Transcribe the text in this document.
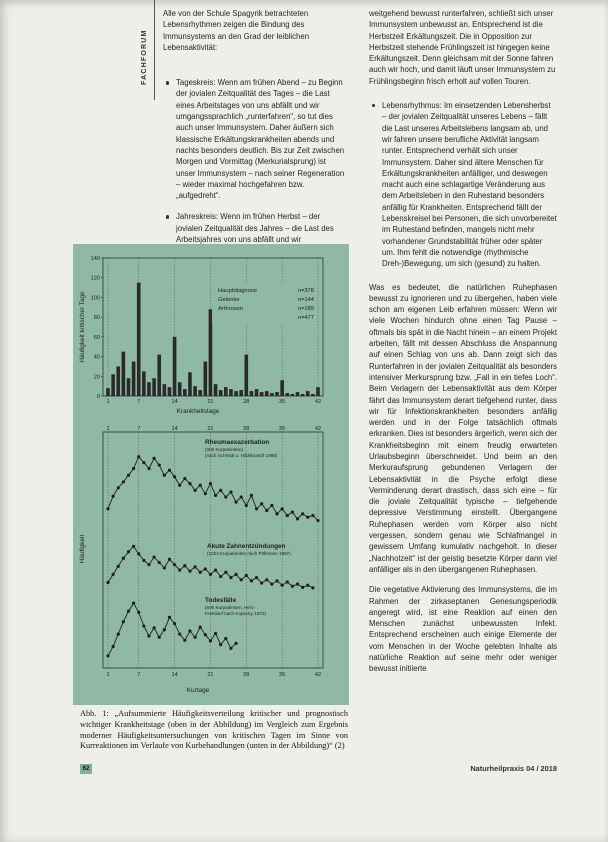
FACHFORUM

Alle von der Schule Spagyrik betrachteten Lebensrhythmen zeigen die Bindung des Immunsystems an den Grad der leiblichen Lebensaktivität:

Tageskreis: Wenn am frühen Abend – zu Beginn der jovialen Zeitqualität des Tages – die Last eines Arbeitstages von uns abfällt und wir umgangssprachlich „runterfahren“, so tut dies auch unser Immunsystem. Daher äußern sich klassische Erkältungskrankheiten abends und nachts besonders deutlich. Bis zur Zeit zwischen Morgen und Vormittag (Merkurialsprung) ist unser Immunsystem – nach seiner Regeneration – wieder maximal hochgefahren bzw. „aufgedreht“.
Jahreskreis: Wenn im frühen Herbst – der jovialen Zeitqualität des Jahres – die Last des Arbeitsjahres von uns abfällt und wir

weitgehend bewusst runterfahren, schließt sich unser Immunsystem unbewusst an. Entsprechend ist die Herbstzeit Erkältungszeit. Die in Opposition zur Herbstzeit stehende Frühlingszeit ist hingegen keine Erkältungszeit. Denn gleichsam mit der Sonne fahren auch wir hoch, und damit läuft unser Immunsystem zu Frühlingsbeginn frisch erholt auf vollen Touren.

Lebensrhythmus: Im einsetzenden Lebensherbst – der jovialen Zeitqualität unseres Lebens – fällt die Last unseres Arbeitslebens langsam ab, und wir fahren unsere berufliche Aktivität langsam runter. Entsprechend verhält sich unser Immunsystem. Daher sind ältere Menschen für Erkältungskrankheiten anfälliger, und deswegen macht auch eine schlagartige Veränderung aus dem Arbeitsleben in den Ruhestand besonders anfällig für Krankheiten. Entsprechend fällt der Lebenskreisel bei Personen, die sich unvorbereitet im Ruhestand befinden, mangels nicht mehr vorhandener Grundstabilität früher oder später um. Ihm fehlt die notwendige (rhythmische Dreh-)Bewegung, um sich (gesund) zu halten.

Was es bedeutet, die natürlichen Ruhephasen bewusst zu ignorieren und zu übergehen, haben viele schon am eigenen Leib erfahren müssen: Wenn wir viele Wochen hindurch ohne einen Tag Pause – oftmals bis spät in die Nacht hinein – an einem Projekt arbeiten, fällt mit dessen Abschluss die Anspannung auf einen Schlag von uns ab. Dann zeigt sich das Runterfahren in der jovialen Zeitqualität als besonders intensiver Merkursprung bzw. „Fall in ein tiefes Loch“. Beim Verlagern der Lebensaktivität aus dem Körper fährt das Immunsystem derart tiefgehend runter, dass wir für Infektionskrankheiten besonders anfällig werden und in der Folge tatsächlich oftmals erkranken. Dies ist besonders ärgerlich, wenn sich der Krankheitsbeginn mit einem freudig erwarteten Urlaubsbeginn überschneidet. Und beim an den Merkuraufsprung gebundenen Verlagern der Lebensaktivität in die Psyche erfolgt diese Verminderung derart drastisch, dass sich eine – für die joviale Zeitqualität typische – tiefgehende depressive Verstimmung einstellt. Übergangene Ruhephasen werden vom Körper also nicht vergessen, sondern genau wie Schlafmangel in gewissem Umfang kumulativ nachgeholt. In dieser „Nachholzeit“ ist der geistig besetzte Körper dann viel anfälliger als in den übergangenen Ruhephasen.

Die vegetative Aktivierung des Immunsystems, die im Rahmen der zirkaseptanen Genesungsperiodik angeregt wird, ist eine Reaktion auf einen den Menschen zunächst unbewussten Infekt. Entsprechend erscheinen auch einige Elemente der vom Menschen in der Woche gelebten Inhalte als natürliche Reaktion auf seine mehr oder weniger bewusst initiierte

Häufigkeit kritischer Tage
Krankheitstage
Häufigkeit
Kurtage
1	7	14	21	28	35	42
0
20
40
60
80
100
120
140
Hauptdiagnose	n=378
Gelenke	n=144
Arthrosen	n=189
n=477
1
1
7
7
14
14
21
21
28
28
35
35
42
42
Rheumaexazerbation
(300 Kurpatienten)
(nach Schmidt u. Hildebrandt 1988)
Akute Zahnentzündungen
(1023 Kurpatienten nach Pöllmann 1987)
Todesfälle
(606 Kurpatienten, Herz-
Kreislauf nach Kopecky 1972)

Abb. 1: „Aufsummierte Häufigkeitsverteilung kritischer und prognostisch wichtiger Krankheitstage (oben in der Abbildung) im Vergleich zum Ergebnis moderner Häufigkeitsuntersuchungen von kritischen Tagen im Sinne von Kurreaktionen im Verlaufe von Kurbehandlungen (unten in der Abbildung)“ (2)

62	Naturheilpraxis 04 / 2018
